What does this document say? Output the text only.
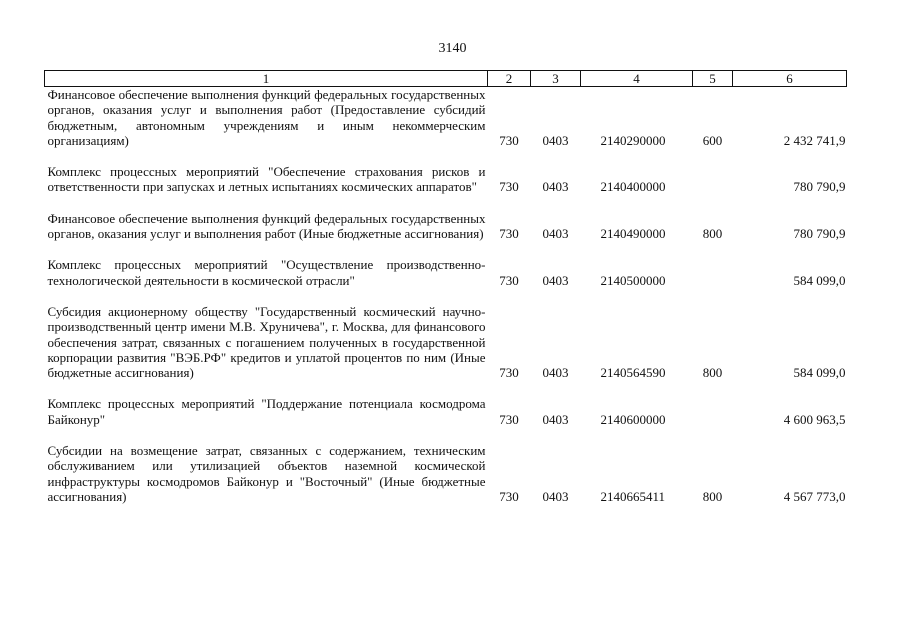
3140
1	2	3	4	5	6
Финансовое обеспечение выполнения функций федеральных государственных органов, оказания услуг и выполнения работ (Предоставление субсидий бюджетным, автономным учреждениям и иным некоммерческим организациям)	730	0403	2140290000	600	2 432 741,9
Комплекс процессных мероприятий "Обеспечение страхования рисков и ответственности при запусках и летных испытаниях космических аппаратов"	730	0403	2140400000		780 790,9
Финансовое обеспечение выполнения функций федеральных государственных органов, оказания услуг и выполнения работ (Иные бюджетные ассигнования)	730	0403	2140490000	800	780 790,9
Комплекс процессных мероприятий "Осуществление производственно-технологической деятельности в космической отрасли"	730	0403	2140500000		584 099,0
Субсидия акционерному обществу "Государственный космический научно-производственный центр имени М.В. Хруничева", г. Москва, для финансового обеспечения затрат, связанных с погашением полученных в государственной корпорации развития "ВЭБ.РФ" кредитов и уплатой процентов по ним (Иные бюджетные ассигнования)	730	0403	2140564590	800	584 099,0
Комплекс процессных мероприятий "Поддержание потенциала космодрома Байконур"	730	0403	2140600000		4 600 963,5
Субсидии на возмещение затрат, связанных с содержанием, техническим обслуживанием или утилизацией объектов наземной космической инфраструктуры космодромов Байконур и "Восточный" (Иные бюджетные ассигнования)	730	0403	2140665411	800	4 567 773,0
